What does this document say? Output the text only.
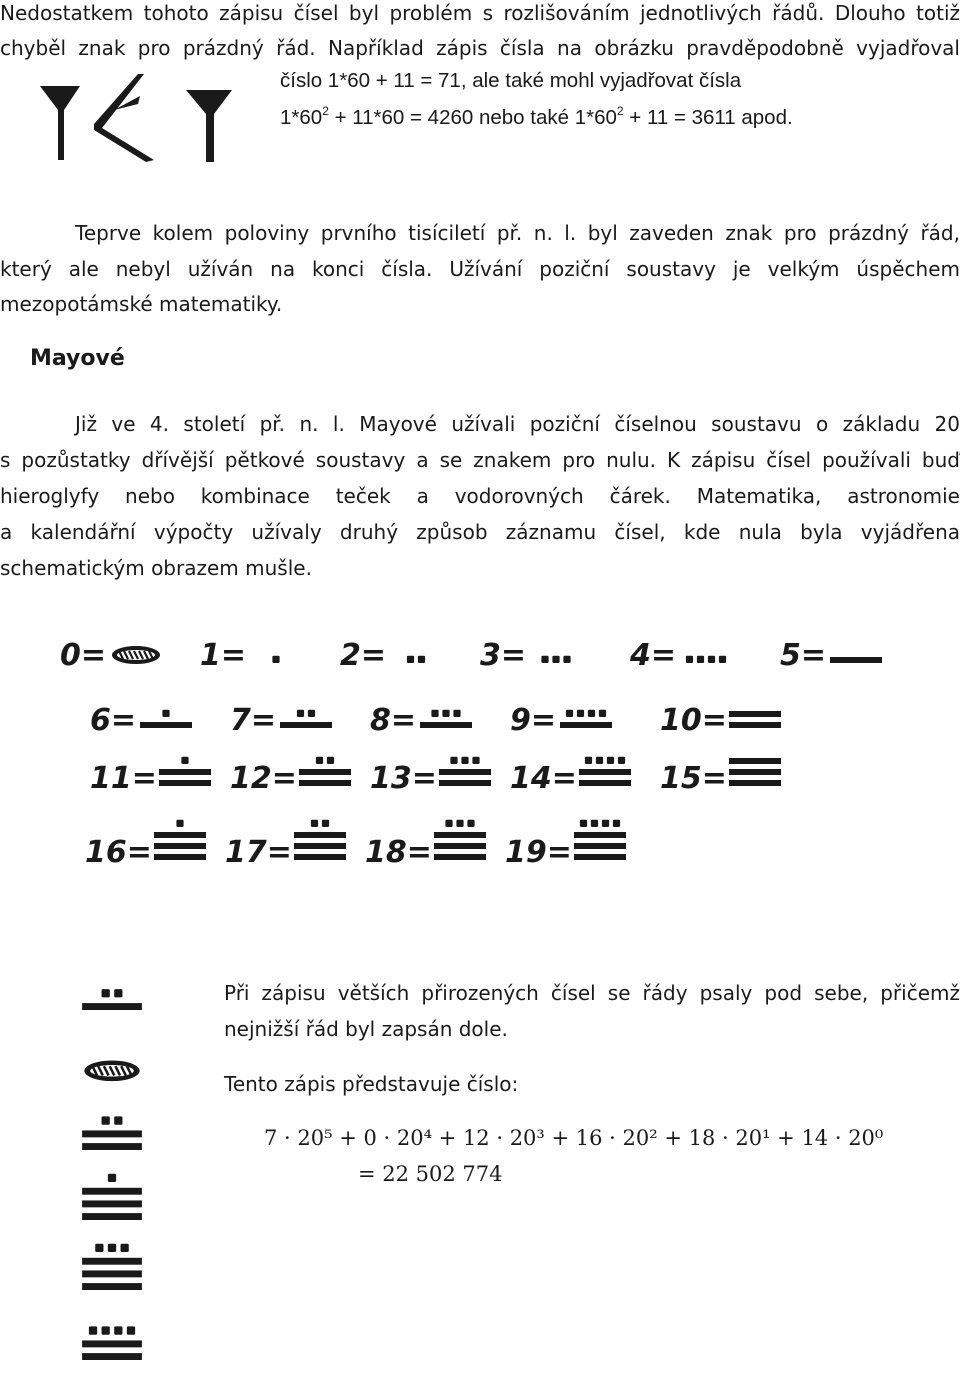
Nedostatkem tohoto zápisu čísel byl problém s rozlišováním jednotlivých řádů. Dlouho totiž
chyběl znak pro prázdný řád. Například zápis čísla na obrázku pravděpodobně vyjadřoval
číslo 1*60 + 11 = 71, ale také mohl vyjadřovat čísla
$1*60^2 + 11*60 = 4260$ nebo také $1*60^2 + 11 = 3611$ apod.
Teprve kolem poloviny prvního tisíciletí př. n. l. byl zaveden znak pro prázdný řád,
který ale nebyl užíván na konci čísla. Užívání poziční soustavy je velkým úspěchem
mezopotámské matematiky.
Mayové
Již ve 4. století př. n. l. Mayové užívali poziční číselnou soustavu o základu 20
s pozůstatky dřívější pětkové soustavy a se znakem pro nulu. K zápisu čísel používali buď
hieroglyfy nebo kombinace teček a vodorovných čárek. Matematika, astronomie
a kalendářní výpočty užívaly druhý způsob záznamu čísel, kde nula byla vyjádřena
schematickým obrazem mušle.
0=	1=	2=	3=	4=	5=
6=	7=	8=	9=	10=
11= 12= 13= 14=	15=
16= 17= 18= 19=
Při zápisu větších přirozených čísel se řády psaly pod sebe, přičemž
nejnižší řád byl zapsán dole.
Tento zápis představuje číslo:
7 · 20⁵ + 0 · 20⁴ + 12 · 20³ + 16 · 20² + 18 · 20¹ + 14 · 20⁰
= 22 502 774
